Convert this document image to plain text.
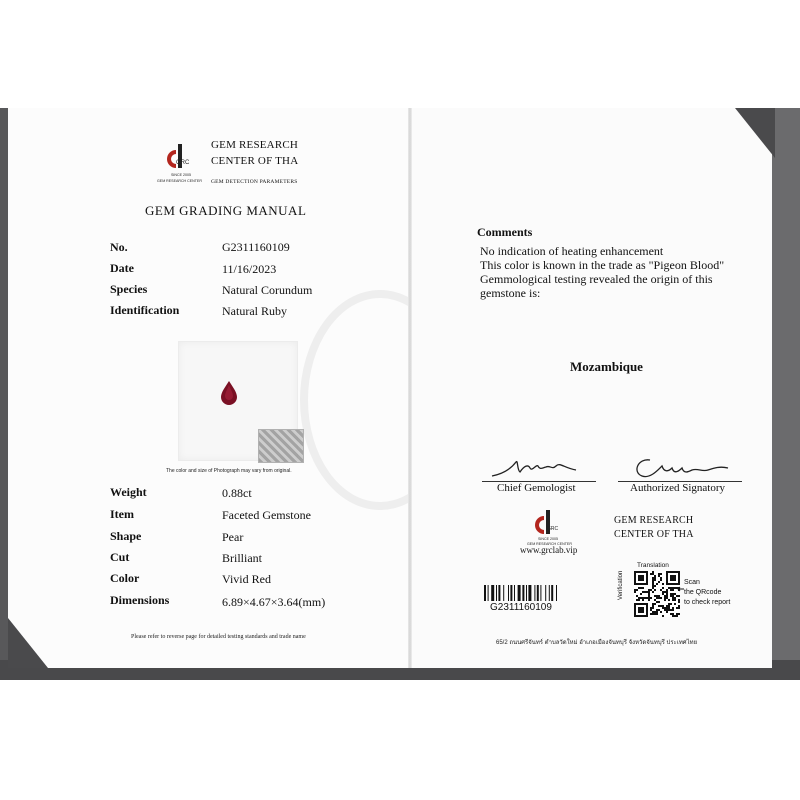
GRC
SINCE 2005
GEM RESEARCH CENTER
GEM RESEARCH
CENTER OF THA
GEM DETECTION PARAMETERS
GEM GRADING MANUAL
No.	G2311160109
Date	11/16/2023
Species	Natural Corundum
Identification	Natural Ruby
The color and size of Photograph may vary from original.
Weight	0.88ct
Item	Faceted Gemstone
Shape	Pear
Cut	Brilliant
Color	Vivid Red
Dimensions	6.89×4.67×3.64(mm)
Please refer to reverse page for detailed testing standards and trade name
Comments
No indication of heating enhancement
This color is known in the trade as "Pigeon Blood"
Gemmological testing revealed the origin of this
gemstone is:
Mozambique
Chief Gemologist	Authorized Signatory
GRC
SINCE 2005
GEM RESEARCH CENTER
www.grclab.vip
GEM RESEARCH
CENTER OF THA
G2311160109
Translation
Verification	Scan
the QRcode
to check report
65/2 ถนนศรีจันทร์ ตำบลวัดใหม่ อำเภอเมืองจันทบุรี จังหวัดจันทบุรี ประเทศไทย
